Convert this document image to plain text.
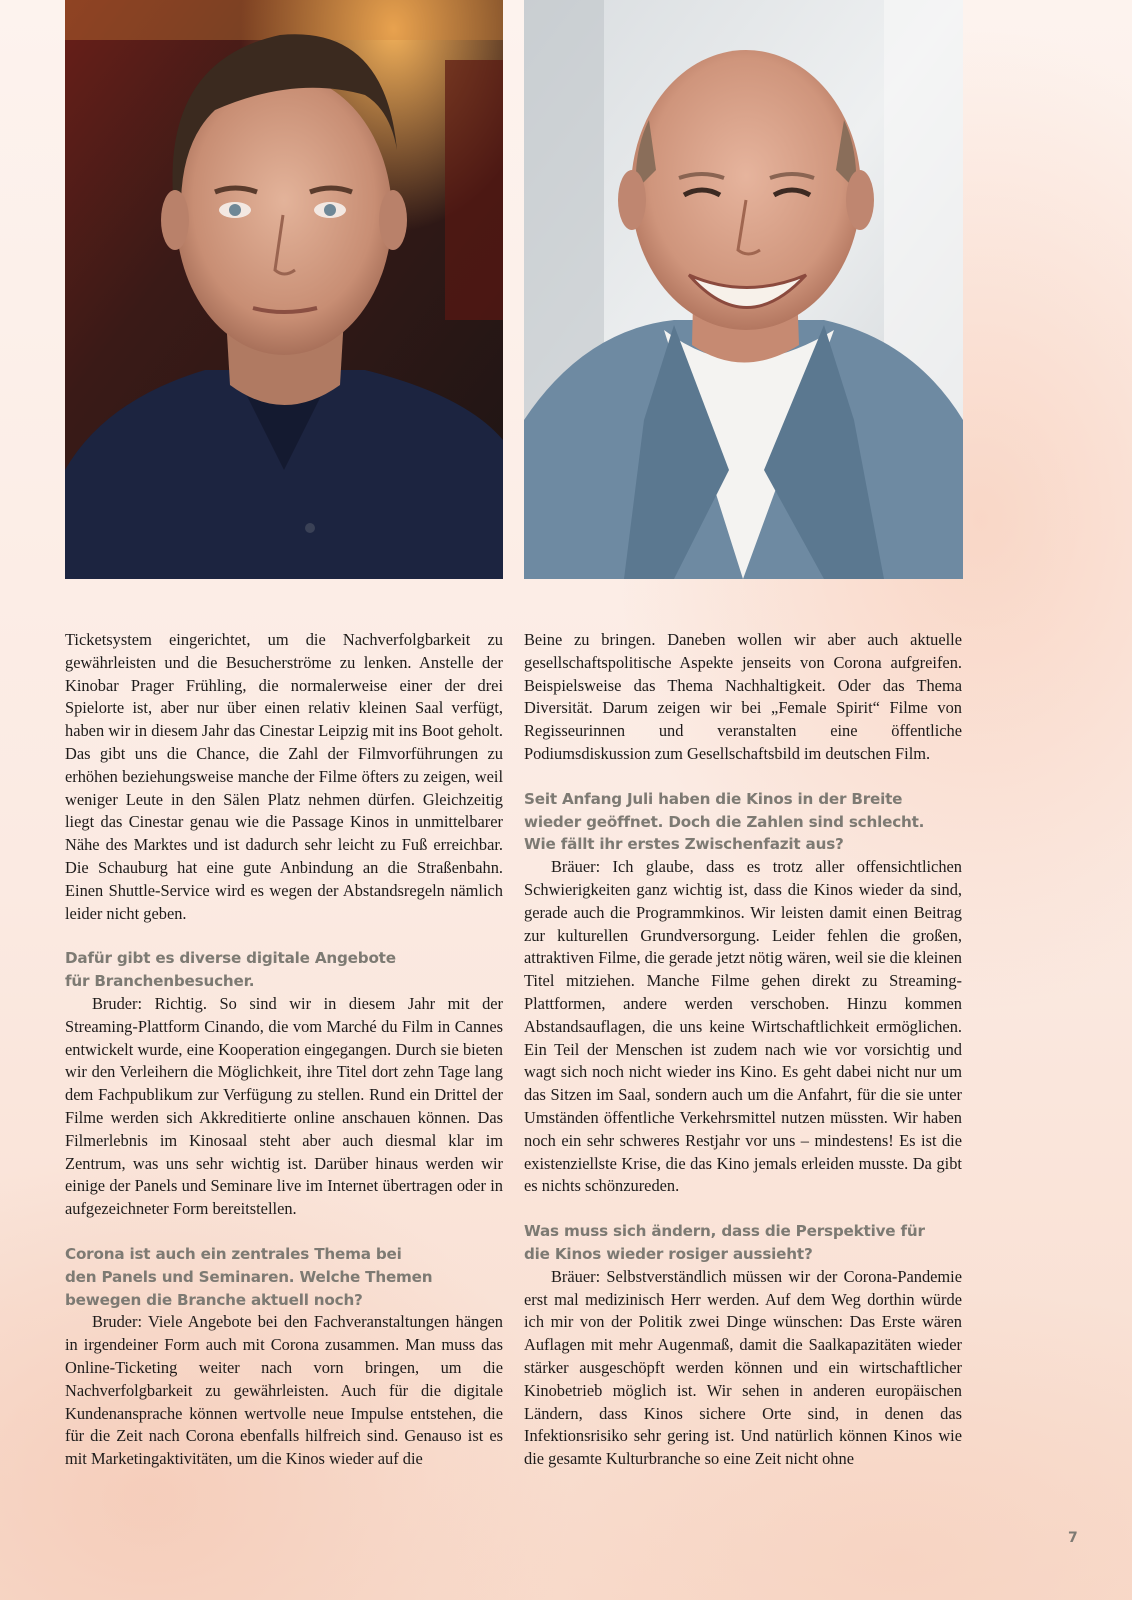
Ticketsystem eingerichtet, um die Nachverfolgbarkeit zu gewährleisten und die Besucherströme zu lenken. Anstelle der Kinobar Prager Frühling, die normalerweise einer der drei Spielorte ist, aber nur über einen relativ kleinen Saal verfügt, haben wir in diesem Jahr das Cinestar Leipzig mit ins Boot geholt. Das gibt uns die Chance, die Zahl der Filmvorführungen zu erhöhen beziehungsweise manche der Filme öfters zu zeigen, weil weniger Leute in den Sälen Platz nehmen dürfen. Gleichzeitig liegt das Cinestar genau wie die Passage Kinos in unmittelbarer Nähe des Marktes und ist dadurch sehr leicht zu Fuß erreichbar. Die Schauburg hat eine gute Anbindung an die Straßenbahn. Einen Shuttle-Service wird es wegen der Abstandsregeln nämlich leider nicht geben.

Dafür gibt es diverse digitale Angebote
für Branchenbesucher.

Bruder: Richtig. So sind wir in diesem Jahr mit der Streaming-Plattform Cinando, die vom Marché du Film in Cannes entwickelt wurde, eine Kooperation eingegangen. Durch sie bieten wir den Verleihern die Möglichkeit, ihre Titel dort zehn Tage lang dem Fachpublikum zur Verfügung zu stellen. Rund ein Drittel der Filme werden sich Akkreditierte online anschauen können. Das Filmerlebnis im Kinosaal steht aber auch diesmal klar im Zentrum, was uns sehr wichtig ist. Darüber hinaus werden wir einige der Panels und Seminare live im Internet übertragen oder in aufgezeichneter Form bereitstellen.

Corona ist auch ein zentrales Thema bei
den Panels und Seminaren. Welche Themen
bewegen die Branche aktuell noch?

Bruder: Viele Angebote bei den Fachveranstaltungen hängen in irgendeiner Form auch mit Corona zusammen. Man muss das Online-Ticketing weiter nach vorn bringen, um die Nachverfolgbarkeit zu gewährleisten. Auch für die digitale Kundenansprache können wertvolle neue Impulse entstehen, die für die Zeit nach Corona ebenfalls hilfreich sind. Genauso ist es mit Marketingaktivitäten, um die Kinos wieder auf die

Beine zu bringen. Daneben wollen wir aber auch aktuelle gesellschaftspolitische Aspekte jenseits von Corona aufgreifen. Beispielsweise das Thema Nachhaltigkeit. Oder das Thema Diversität. Darum zeigen wir bei „Female Spirit“ Filme von Regisseurinnen und veranstalten eine öffentliche Podiumsdiskussion zum Gesellschaftsbild im deutschen Film.

Seit Anfang Juli haben die Kinos in der Breite
wieder geöffnet. Doch die Zahlen sind schlecht.
Wie fällt ihr erstes Zwischenfazit aus?

Bräuer: Ich glaube, dass es trotz aller offensichtlichen Schwierigkeiten ganz wichtig ist, dass die Kinos wieder da sind, gerade auch die Programmkinos. Wir leisten damit einen Beitrag zur kulturellen Grundversorgung. Leider fehlen die großen, attraktiven Filme, die gerade jetzt nötig wären, weil sie die kleinen Titel mitziehen. Manche Filme gehen direkt zu Streaming-Plattformen, andere werden verschoben. Hinzu kommen Abstandsauflagen, die uns keine Wirtschaftlichkeit ermöglichen. Ein Teil der Menschen ist zudem nach wie vor vorsichtig und wagt sich noch nicht wieder ins Kino. Es geht dabei nicht nur um das Sitzen im Saal, sondern auch um die Anfahrt, für die sie unter Umständen öffentliche Verkehrsmittel nutzen müssten. Wir haben noch ein sehr schweres Restjahr vor uns – mindestens! Es ist die existenziellste Krise, die das Kino jemals erleiden musste. Da gibt es nichts schönzureden.

Was muss sich ändern, dass die Perspektive für
die Kinos wieder rosiger aussieht?

Bräuer: Selbstverständlich müssen wir der Corona-Pandemie erst mal medizinisch Herr werden. Auf dem Weg dorthin würde ich mir von der Politik zwei Dinge wünschen: Das Erste wären Auflagen mit mehr Augenmaß, damit die Saalkapazitäten wieder stärker ausgeschöpft werden können und ein wirtschaftlicher Kinobetrieb möglich ist. Wir sehen in anderen europäischen Ländern, dass Kinos sichere Orte sind, in denen das Infektionsrisiko sehr gering ist. Und natürlich können Kinos wie die gesamte Kulturbranche so eine Zeit nicht ohne

7
